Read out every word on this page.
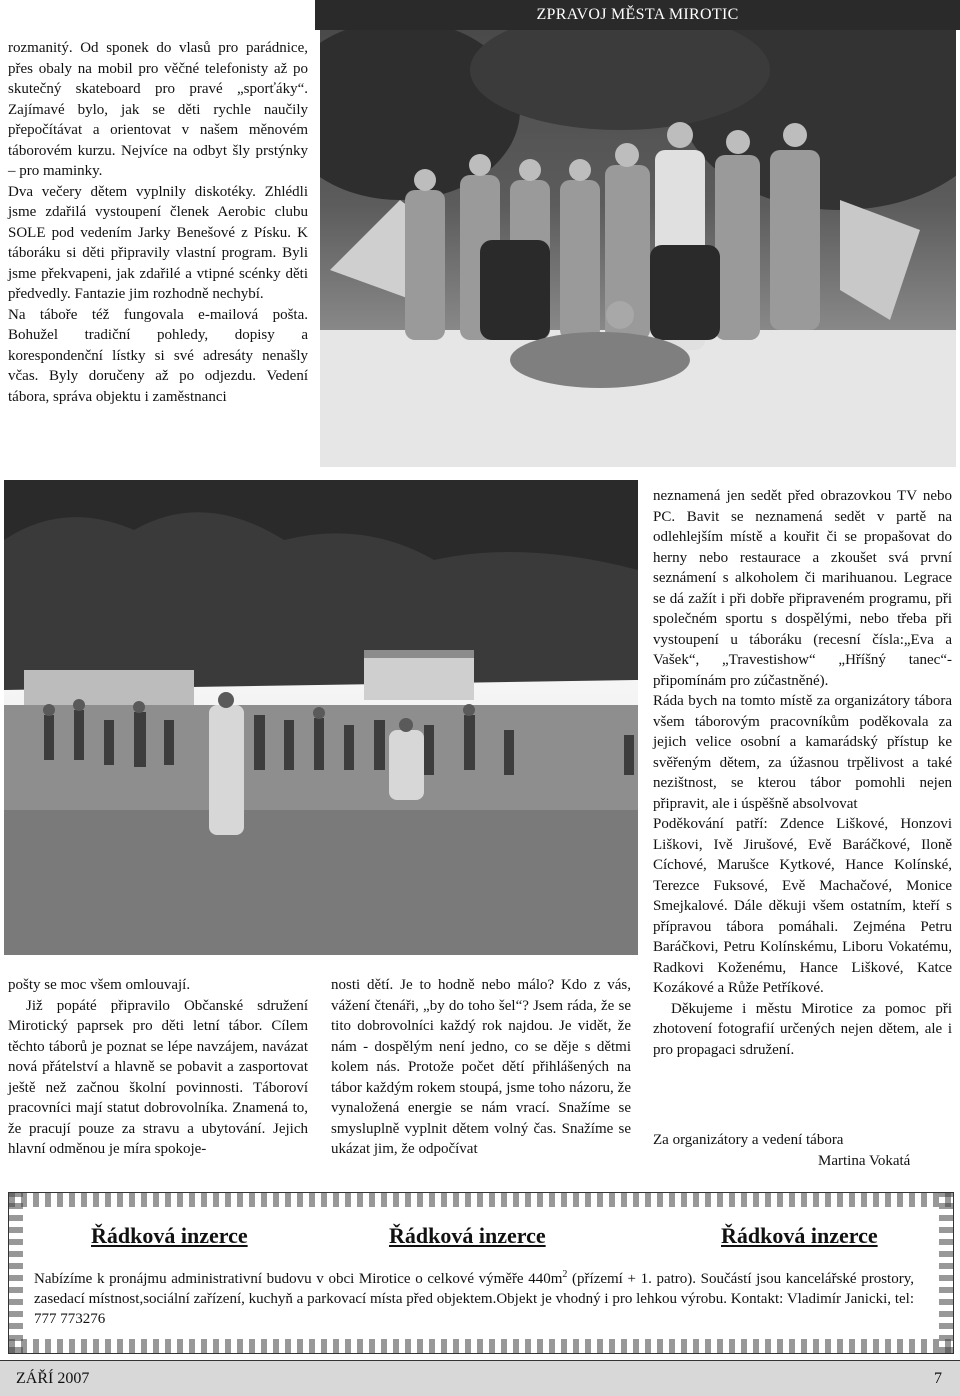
ZPRAVOJ MĚSTA MIROTIC

rozmanitý. Od sponek do vlasů pro parádnice, přes obaly na mobil pro věčné telefonisty až po skutečný skateboard pro pravé „sporťáky“. Zajímavé bylo, jak se děti rychle naučily přepočítávat a orientovat v našem měnovém táborovém kurzu. Nejvíce na odbyt šly prstýnky – pro maminky.

Dva večery dětem vyplnily diskotéky. Zhlédli jsme zdařilá vystoupení členek Aerobic clubu SOLE pod vedením Jarky Benešové z Písku. K táboráku si děti připravily vlastní program. Byli jsme překvapeni, jak zdařilé a vtipné scénky děti předvedly. Fantazie jim rozhodně nechybí.

Na táboře též fungovala e-mailová pošta. Bohužel tradiční pohledy, dopisy a korespondenční lístky si své adresáty nenašly včas. Byly doručeny až po odjezdu. Vedení tábora, správa objektu i zaměstnanci

pošty se moc všem omlouvají.

Již popáté připravilo Občanské sdružení Mirotický paprsek pro děti letní tábor. Cílem těchto táborů je poznat se lépe navzájem, navázat nová přátelství a hlavně se pobavit a zasportovat ještě než začnou školní povinnosti. Táboroví pracovníci mají statut dobrovolníka. Znamená to, že pracují pouze za stravu a ubytování. Jejich hlavní odměnou je míra spokoje-

nosti dětí. Je to hodně nebo málo? Kdo z vás, vážení čtenáři, „by do toho šel“? Jsem ráda, že se tito dobrovolníci každý rok najdou. Je vidět, že nám - dospělým není jedno, co se děje s dětmi kolem nás. Protože počet dětí přihlášených na tábor každým rokem stoupá, jsme toho názoru, že vynaložená energie se nám vrací. Snažíme se smysluplně vyplnit dětem volný čas. Snažíme se ukázat jim, že odpočívat

neznamená jen sedět před obrazovkou TV nebo PC. Bavit se neznamená sedět v partě na odlehlejším místě a kouřit či se propašovat do herny nebo restaurace a zkoušet svá první seznámení s alkoholem či marihuanou. Legrace se dá zažít i při dobře připraveném programu, při společném sportu s dospělými, nebo třeba při vystoupení u táboráku (recesní čísla:„Eva a Vašek“, „Travestishow“ „Hříšný tanec“- připomínám pro zúčastněné).

Ráda bych na tomto místě za organizátory tábora všem táborovým pracovníkům poděkovala za jejich velice osobní a kamarádský přístup ke svěřeným dětem, za úžasnou trpělivost a také nezištnost, se kterou tábor pomohli nejen připravit, ale i úspěšně absolvovat

Poděkování patří: Zdence Liškové, Honzovi Liškovi, Ivě Jirušové, Evě Baráčkové, Iloně Cíchové, Marušce Kytkové, Hance Kolínské, Terezce Fuksové, Evě Machačové, Monice Smejkalové. Dále děkuji všem ostatním, kteří s přípravou tábora pomáhali. Zejména Petru Baráčkovi, Petru Kolínskému, Liboru Vokatému, Radkovi Koženému, Hance Liškové, Katce Kozákové a Růže Petříkové.

Děkujeme i městu Mirotice za pomoc při zhotovení fotografií určených nejen dětem, ale i pro propagaci sdružení.

Za organizátory a vedení tábora
Martina Vokatá
Řádková inzerce	Řádková inzerce	Řádková inzerce
Nabízíme k pronájmu administrativní budovu v obci Mirotice o celkové výměře $440m^2$ (přízemí + 1. patro). Součástí jsou kancelářské prostory, zasedací místnost,sociální zařízení, kuchyň a parkovací místa před objektem.Objekt je vhodný i pro lehkou výrobu. Kontakt: Vladimír Janicki, tel: 777 773276
ZÁŘÍ 2007	7
